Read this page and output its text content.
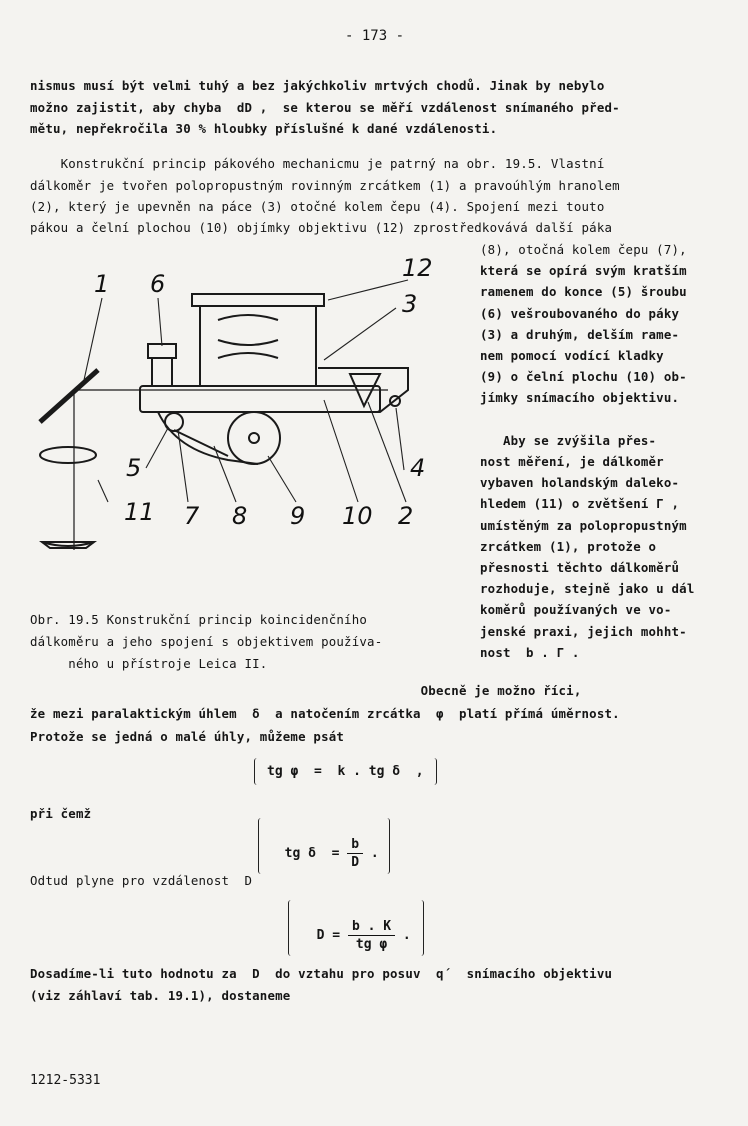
- 173 -
nismus musí být velmi tuhý a bez jakýchkoliv mrtvých chodů. Jinak by nebylo
možno zajistit, aby chyba  dD ,  se kterou se měří vzdálenost snímaného před-
mětu, nepřekročila 30 % hloubky příslušné k dané vzdálenosti.
Konstrukční princip pákového mechanicmu je patrný na obr. 19.5. Vlastní
dálkoměr je tvořen polopropustným rovinným zrcátkem (1) a pravoúhlým hranolem
(2), který je upevněn na páce (3) otočné kolem čepu (4). Spojení mezi touto
pákou a čelní plochou (10) objímky objektivu (12) zprostředkovává další páka
(8), otočná kolem čepu (7),
která se opírá svým kratším
ramenem do konce (5) šroubu
(6) vešroubovaného do páky
(3) a druhým, delším rame-
nem pomocí vodící kladky
(9) o čelní plochu (10) ob-
jímky snímacího objektivu.
Aby se zvýšila přes-
nost měření, je dálkoměr
vybaven holandským daleko-
hledem (11) o zvětšení Γ ,
umístěným za polopropustným
zrcátkem (1), protože o
přesnosti těchto dálkoměrů
rozhoduje, stejně jako u dál
koměrů používaných ve vo-
jenské praxi, jejich mohht-
nost  b . Γ .
1 6
12
3
5	4
11 7 8 9 10 2
Obr. 19.5 Konstrukční princip koincidenčního
dálkoměru a jeho spojení s objektivem používa-
ného u přístroje Leica II.
Obecně je možno říci,
že mezi paralaktickým úhlem  δ  a natočením zrcátka  φ  platí přímá úměrnost.
Protože se jedná o malé úhly, můžeme psát
tg φ  =  k . tg δ  ,
při čemž

tg $\delta = \frac{b}{D}$ .

Odtud plyne pro vzdálenost  D

$D = \frac{b . K}{\text{tg φ}}$ .

Dosadíme-li tuto hodnotu za  D  do vztahu pro posuv  q´  snímacího objektivu
(viz záhlaví tab. 19.1), dostaneme
1212-5331
